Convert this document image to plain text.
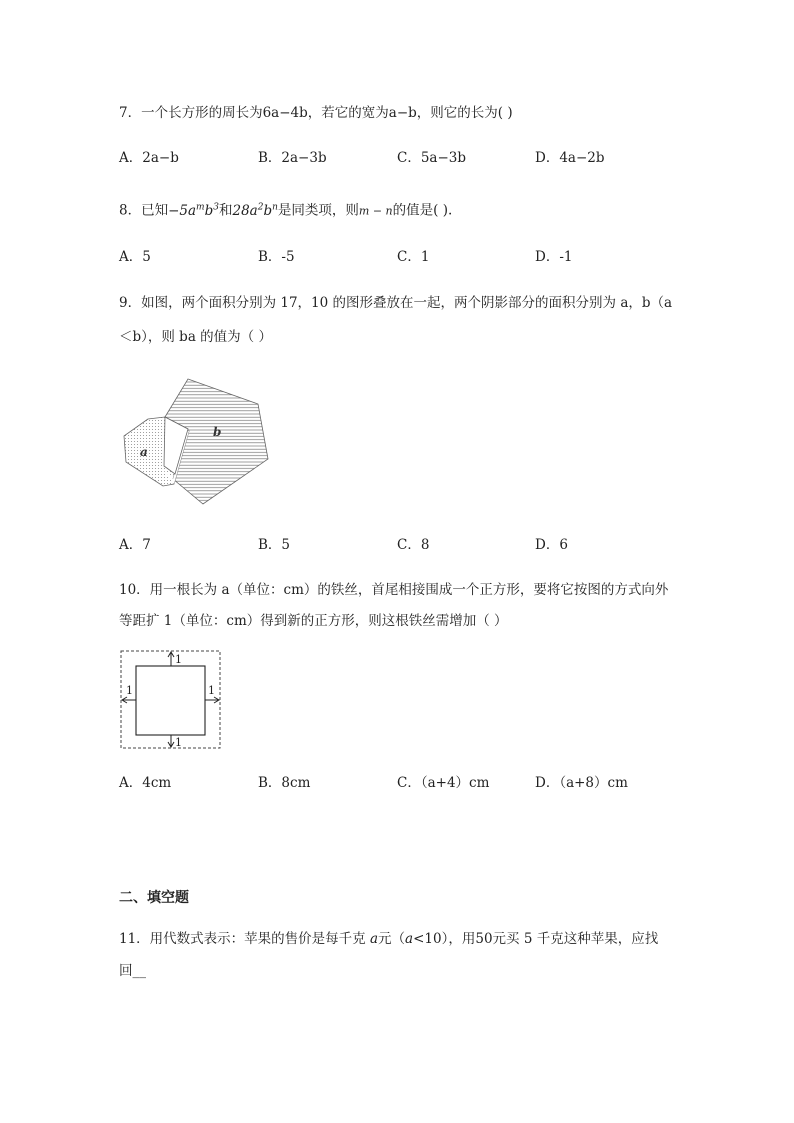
7．一个长方形的周长为6a−4b，若它的宽为a−b，则它的长为( )
A．2a−b	B．2a−3b	C．5a−3b	D．4a−2b
8．已知$-5a^mb^3$和$28a^2b^n$是同类项，则m − n的值是( ).
A．5	B．-5	C．1	D．-1
9．如图，两个面积分别为 17，10 的图形叠放在一起，两个阴影部分的面积分别为 a，b（a
＜b），则 ba 的值为（ ）
a
b
A．7	B．5	C．8	D．6
10．用一根长为 a（单位：cm）的铁丝，首尾相接围成一个正方形，要将它按图的方式向外
等距扩 1（单位：cm）得到新的正方形，则这根铁丝需增加（ ）
1
1
1	1
A．4cm	B．8cm	C．（a+4）cm	D．（a+8）cm
二、填空题
11．用代数式表示：苹果的售价是每千克 a元（a<10），用50元买 5 千克这种苹果，应找
回__
